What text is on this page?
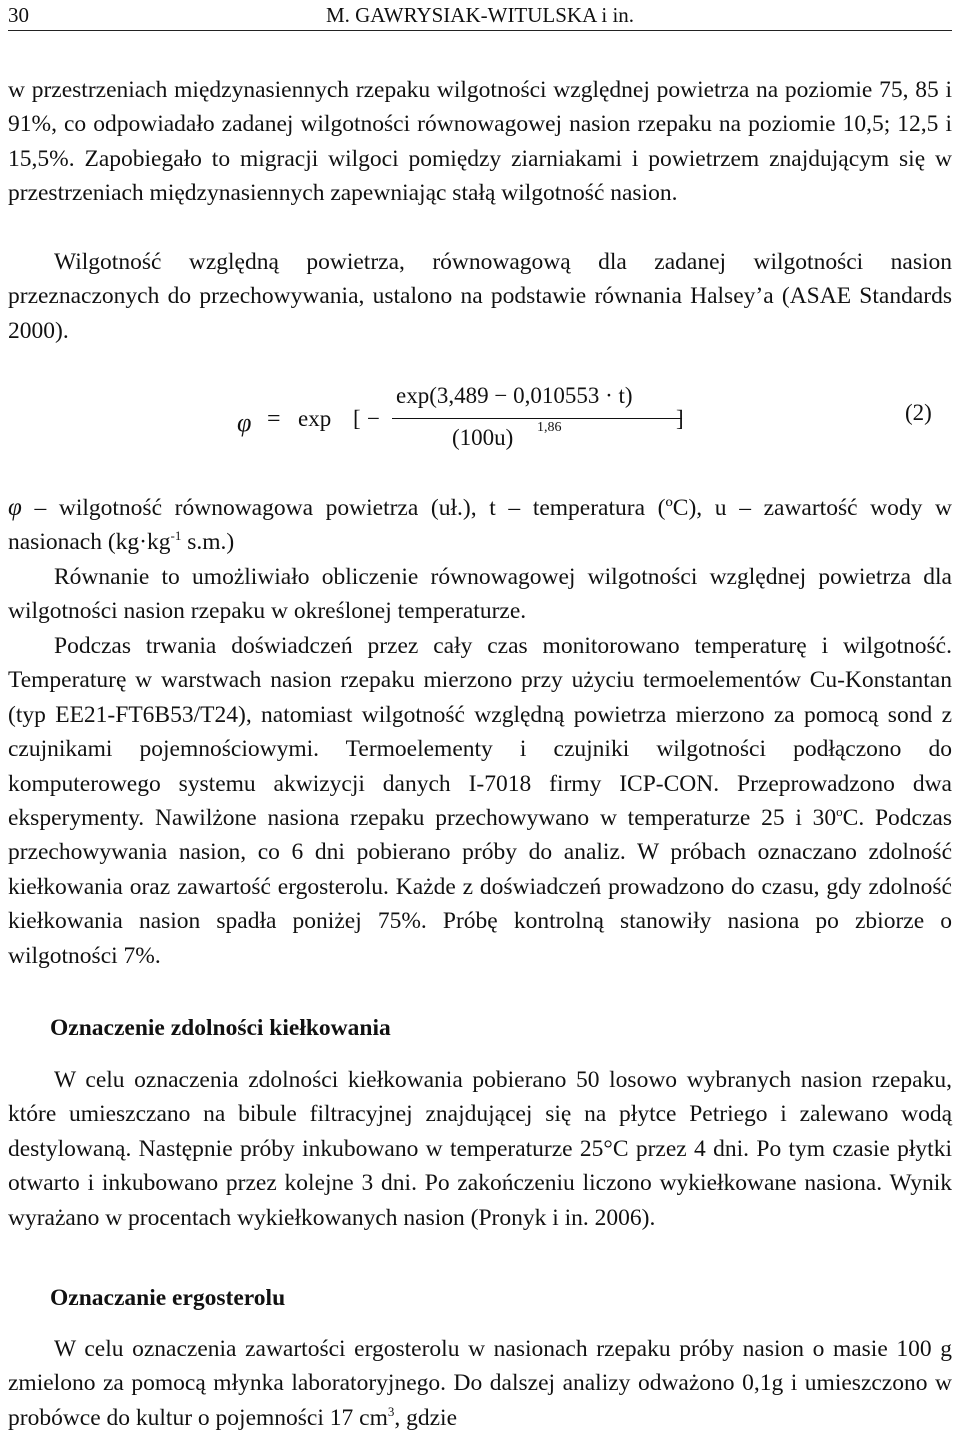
30	M. GAWRYSIAK-WITULSKA i in.

w przestrzeniach międzynasiennych rzepaku wilgotności względnej powietrza na poziomie 75, 85 i 91%, co odpowiadało zadanej wilgotności równowagowej nasion rzepaku na poziomie 10,5; 12,5 i 15,5%. Zapobiegało to migracji wilgoci pomiędzy ziarniakami i powietrzem znajdującym się w przestrzeniach międzynasiennych zapewniając stałą wilgotność nasion.

Wilgotność względną powietrza, równowagową dla zadanej wilgotności nasion przeznaczonych do przechowywania, ustalono na podstawie równania Halsey’a (ASAE Standards 2000).

φ = exp [ −
exp(3,489 − 0,010553 · t)
(100u) 1,86	]	(2)

φ – wilgotność równowagowa powietrza (uł.), t – temperatura (ºC), u – zawartość wody w nasionach ($kg\cdot kg^{-1}$ s.m.)

Równanie to umożliwiało obliczenie równowagowej wilgotności względnej powietrza dla wilgotności nasion rzepaku w określonej temperaturze.

Podczas trwania doświadczeń przez cały czas monitorowano temperaturę i wilgotność. Temperaturę w warstwach nasion rzepaku mierzono przy użyciu termoelementów Cu-Konstantan (typ EE21-FT6B53/T24), natomiast wilgotność względną powietrza mierzono za pomocą sond z czujnikami pojemnościowymi. Termoelementy i czujniki wilgotności podłączono do komputerowego systemu akwizycji danych I-7018 firmy ICP-CON. Przeprowadzono dwa eksperymenty. Nawilżone nasiona rzepaku przechowywano w temperaturze 25 i 30$^o$C. Podczas przechowywania nasion, co 6 dni pobierano próby do analiz. W próbach oznaczano zdolność kiełkowania oraz zawartość ergosterolu. Każde z doświadczeń prowadzono do czasu, gdy zdolność kiełkowania nasion spadła poniżej 75%. Próbę kontrolną stanowiły nasiona po zbiorze o wilgotności 7%.

Oznaczenie zdolności kiełkowania

W celu oznaczenia zdolności kiełkowania pobierano 50 losowo wybranych nasion rzepaku, które umieszczano na bibule filtracyjnej znajdującej się na płytce Petriego i zalewano wodą destylowaną. Następnie próby inkubowano w temperaturze 25°C przez 4 dni. Po tym czasie płytki otwarto i inkubowano przez kolejne 3 dni. Po zakończeniu liczono wykiełkowane nasiona. Wynik wyrażano w procentach wykiełkowanych nasion (Pronyk i in. 2006).

Oznaczanie ergosterolu

W celu oznaczenia zawartości ergosterolu w nasionach rzepaku próby nasion o masie 100 g zmielono za pomocą młynka laboratoryjnego. Do dalszej analizy odważono 0,1g i umieszczono w probówce do kultur o pojemności 17 $cm^3$, gdzie
